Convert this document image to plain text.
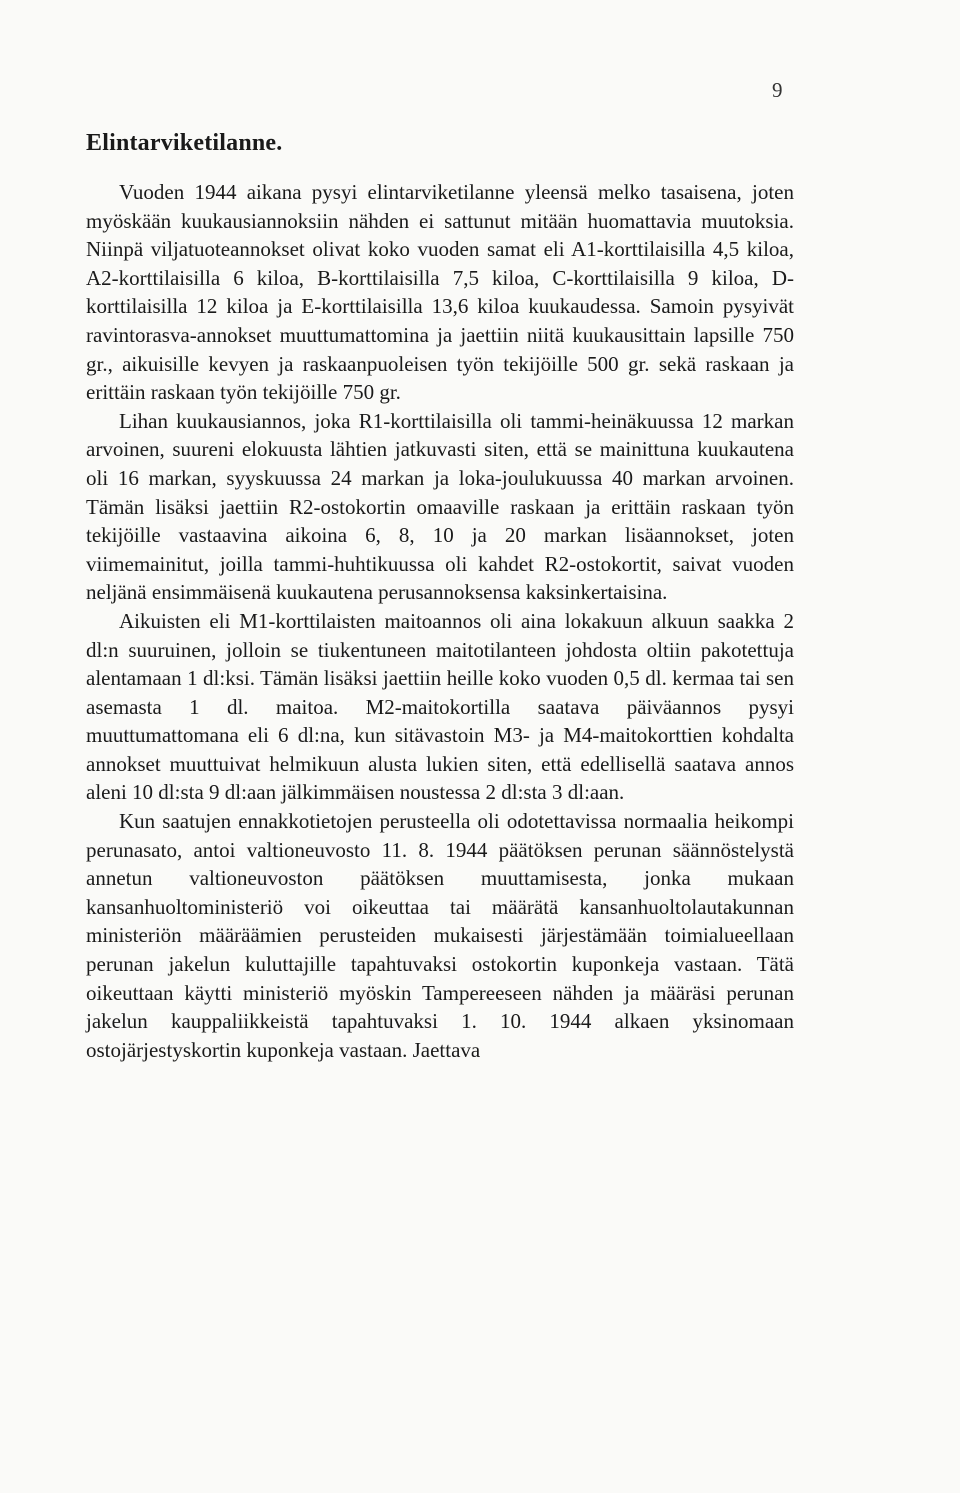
9
Elintarviketilanne.

Vuoden 1944 aikana pysyi elintarviketilanne yleensä melko tasaisena, joten myöskään kuukausiannoksiin nähden ei sattunut mitään huomattavia muutoksia. Niinpä viljatuoteannokset olivat koko vuoden samat eli A1-korttilaisilla 4,5 kiloa, A2-korttilaisilla 6 kiloa, B-korttilaisilla 7,5 kiloa, C-korttilaisilla 9 kiloa, D-korttilaisilla 12 kiloa ja E-korttilaisilla 13,6 kiloa kuukaudessa. Samoin pysyivät ravintorasva-annokset muuttumattomina ja jaettiin niitä kuukausittain lapsille 750 gr., aikuisille kevyen ja raskaanpuoleisen työn tekijöille 500 gr. sekä raskaan ja erittäin raskaan työn tekijöille 750 gr.

Lihan kuukausiannos, joka R1-korttilaisilla oli tammi-heinäkuussa 12 markan arvoinen, suureni elokuusta lähtien jatkuvasti siten, että se mainittuna kuukautena oli 16 markan, syyskuussa 24 markan ja loka-joulukuussa 40 markan arvoinen. Tämän lisäksi jaettiin R2-ostokortin omaaville raskaan ja erittäin raskaan työn tekijöille vastaavina aikoina 6, 8, 10 ja 20 markan lisäannokset, joten viimemainitut, joilla tammi-huhtikuussa oli kahdet R2-ostokortit, saivat vuoden neljänä ensimmäisenä kuukautena perusannoksensa kaksinkertaisina.

Aikuisten eli M1-korttilaisten maitoannos oli aina lokakuun alkuun saakka 2 dl:n suuruinen, jolloin se tiukentuneen maitotilanteen johdosta oltiin pakotettuja alentamaan 1 dl:ksi. Tämän lisäksi jaettiin heille koko vuoden 0,5 dl. kermaa tai sen asemasta 1 dl. maitoa. M2-maitokortilla saatava päiväannos pysyi muuttumattomana eli 6 dl:na, kun sitävastoin M3- ja M4-maitokorttien kohdalta annokset muuttuivat helmikuun alusta lukien siten, että edellisellä saatava annos aleni 10 dl:sta 9 dl:aan jälkimmäisen noustessa 2 dl:sta 3 dl:aan.

Kun saatujen ennakkotietojen perusteella oli odotettavissa normaalia heikompi perunasato, antoi valtioneuvosto 11. 8. 1944 päätöksen perunan säännöstelystä annetun valtioneuvoston päätöksen muuttamisesta, jonka mukaan kansanhuoltoministeriö voi oikeuttaa tai määrätä kansanhuoltolautakunnan ministeriön määräämien perusteiden mukaisesti järjestämään toimialueellaan perunan jakelun kuluttajille tapahtuvaksi ostokortin kuponkeja vastaan. Tätä oikeuttaan käytti ministeriö myöskin Tampereeseen nähden ja määräsi perunan jakelun kauppaliikkeistä tapahtuvaksi 1. 10. 1944 alkaen yksinomaan ostojärjestyskortin kuponkeja vastaan. Jaettava
